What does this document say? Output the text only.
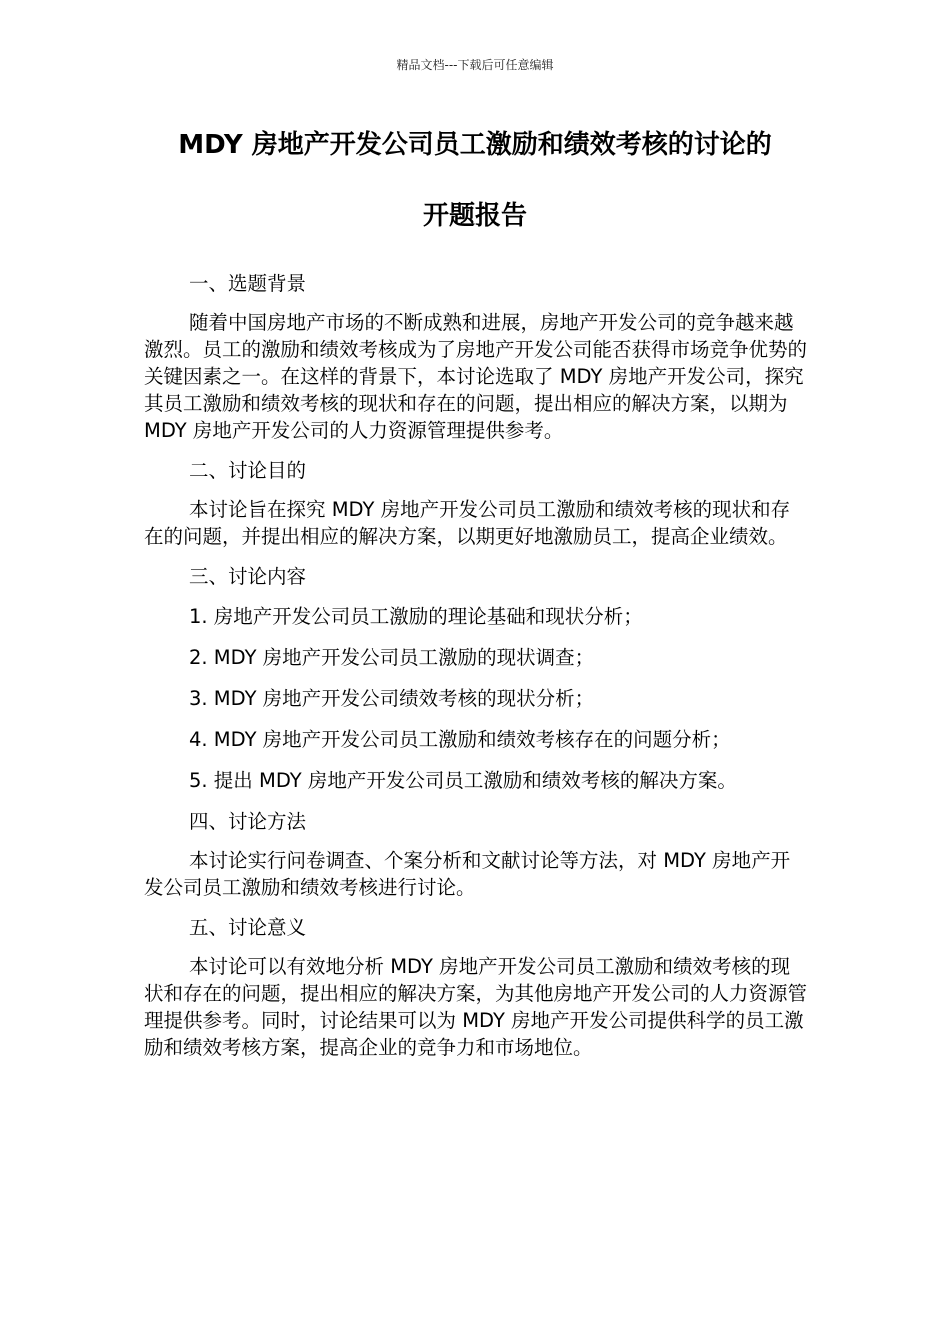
精品文档---下载后可任意编辑
MDY 房地产开发公司员工激励和绩效考核的讨论的
开题报告

一、选题背景

随着中国房地产市场的不断成熟和进展，房地产开发公司的竞争越来越激烈。员工的激励和绩效考核成为了房地产开发公司能否获得市场竞争优势的关键因素之一。在这样的背景下，本讨论选取了 MDY 房地产开发公司，探究其员工激励和绩效考核的现状和存在的问题，提出相应的解决方案，以期为 MDY 房地产开发公司的人力资源管理提供参考。

二、讨论目的

本讨论旨在探究 MDY 房地产开发公司员工激励和绩效考核的现状和存在的问题，并提出相应的解决方案，以期更好地激励员工，提高企业绩效。

三、讨论内容

1. 房地产开发公司员工激励的理论基础和现状分析；

2. MDY 房地产开发公司员工激励的现状调查；

3. MDY 房地产开发公司绩效考核的现状分析；

4. MDY 房地产开发公司员工激励和绩效考核存在的问题分析；

5. 提出 MDY 房地产开发公司员工激励和绩效考核的解决方案。

四、讨论方法

本讨论实行问卷调查、个案分析和文献讨论等方法，对 MDY 房地产开发公司员工激励和绩效考核进行讨论。

五、讨论意义

本讨论可以有效地分析 MDY 房地产开发公司员工激励和绩效考核的现状和存在的问题，提出相应的解决方案，为其他房地产开发公司的人力资源管理提供参考。同时，讨论结果可以为 MDY 房地产开发公司提供科学的员工激励和绩效考核方案，提高企业的竞争力和市场地位。
